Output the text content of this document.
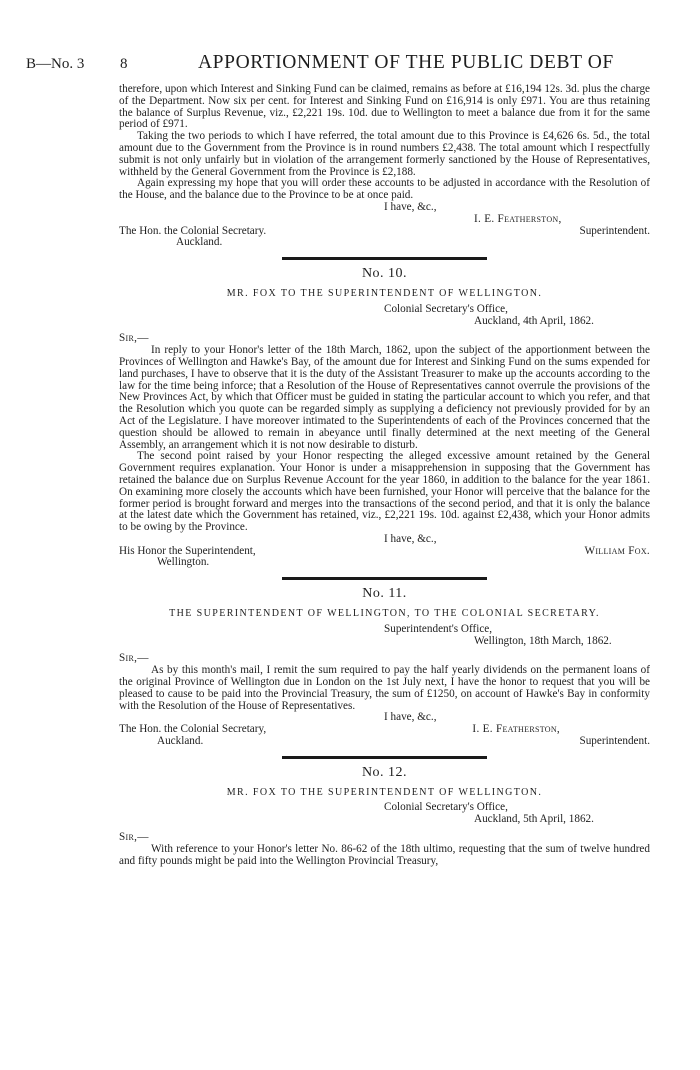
B—No. 3 8	APPORTIONMENT OF THE PUBLIC DEBT OF

therefore, upon which Interest and Sinking Fund can be claimed, remains as before at £16,194 12s. 3d. plus the charge of the Department. Now six per cent. for Interest and Sinking Fund on £16,914 is only £971. You are thus retaining the balance of Surplus Revenue, viz., £2,221 19s. 10d. due to Wellington to meet a balance due from it for the same period of £971.

Taking the two periods to which I have referred, the total amount due to this Province is £4,626 6s. 5d., the total amount due to the Government from the Province is in round numbers £2,438. The total amount which I respectfully submit is not only unfairly but in violation of the arrangement formerly sanctioned by the House of Representatives, withheld by the General Government from the Province is £2,188.

Again expressing my hope that you will order these accounts to be adjusted in accordance with the Resolution of the House, and the balance due to the Province to be at once paid.

I have, &c.,
I. E. Featherston,
The Hon. the Colonial Secretary.	Superintendent.
Auckland.
No. 10.
MR. FOX TO THE SUPERINTENDENT OF WELLINGTON.
Colonial Secretary's Office,
Auckland, 4th April, 1862.
Sir,—

In reply to your Honor's letter of the 18th March, 1862, upon the subject of the apportionment between the Provinces of Wellington and Hawke's Bay, of the amount due for Interest and Sinking Fund on the sums expended for land purchases, I have to observe that it is the duty of the Assistant Treasurer to make up the accounts according to the law for the time being inforce; that a Resolution of the House of Representatives cannot overrule the provisions of the New Provinces Act, by which that Officer must be guided in stating the particular account to which you refer, and that the Resolution which you quote can be regarded simply as supplying a deficiency not previously provided for by an Act of the Legislature. I have moreover intimated to the Superintendents of each of the Provinces concerned that the question should be allowed to remain in abeyance until finally determined at the next meeting of the General Assembly, an arrangement which it is not now desirable to disturb.

The second point raised by your Honor respecting the alleged excessive amount retained by the General Government requires explanation. Your Honor is under a misapprehension in supposing that the Government has retained the balance due on Surplus Revenue Account for the year 1860, in addition to the balance for the year 1861. On examining more closely the accounts which have been furnished, your Honor will perceive that the balance for the former period is brought forward and merges into the transactions of the second period, and that it is only the balance at the latest date which the Government has retained, viz., £2,221 19s. 10d. against £2,438, which your Honor admits to be owing by the Province.

I have, &c.,
His Honor the Superintendent,	William Fox.
Wellington.
No. 11.
THE SUPERINTENDENT OF WELLINGTON, TO THE COLONIAL SECRETARY.
Superintendent's Office,
Wellington, 18th March, 1862.
Sir,—

As by this month's mail, I remit the sum required to pay the half yearly dividends on the permanent loans of the original Province of Wellington due in London on the 1st July next, I have the honor to request that you will be pleased to cause to be paid into the Provincial Treasury, the sum of £1250, on account of Hawke's Bay in conformity with the Resolution of the House of Representatives.

I have, &c.,
The Hon. the Colonial Secretary,	I. E. Featherston,
Auckland.	Superintendent.
No. 12.
MR. FOX TO THE SUPERINTENDENT OF WELLINGTON.
Colonial Secretary's Office,
Auckland, 5th April, 1862.
Sir,—

With reference to your Honor's letter No. 86-62 of the 18th ultimo, requesting that the sum of twelve hundred and fifty pounds might be paid into the Wellington Provincial Treasury,
